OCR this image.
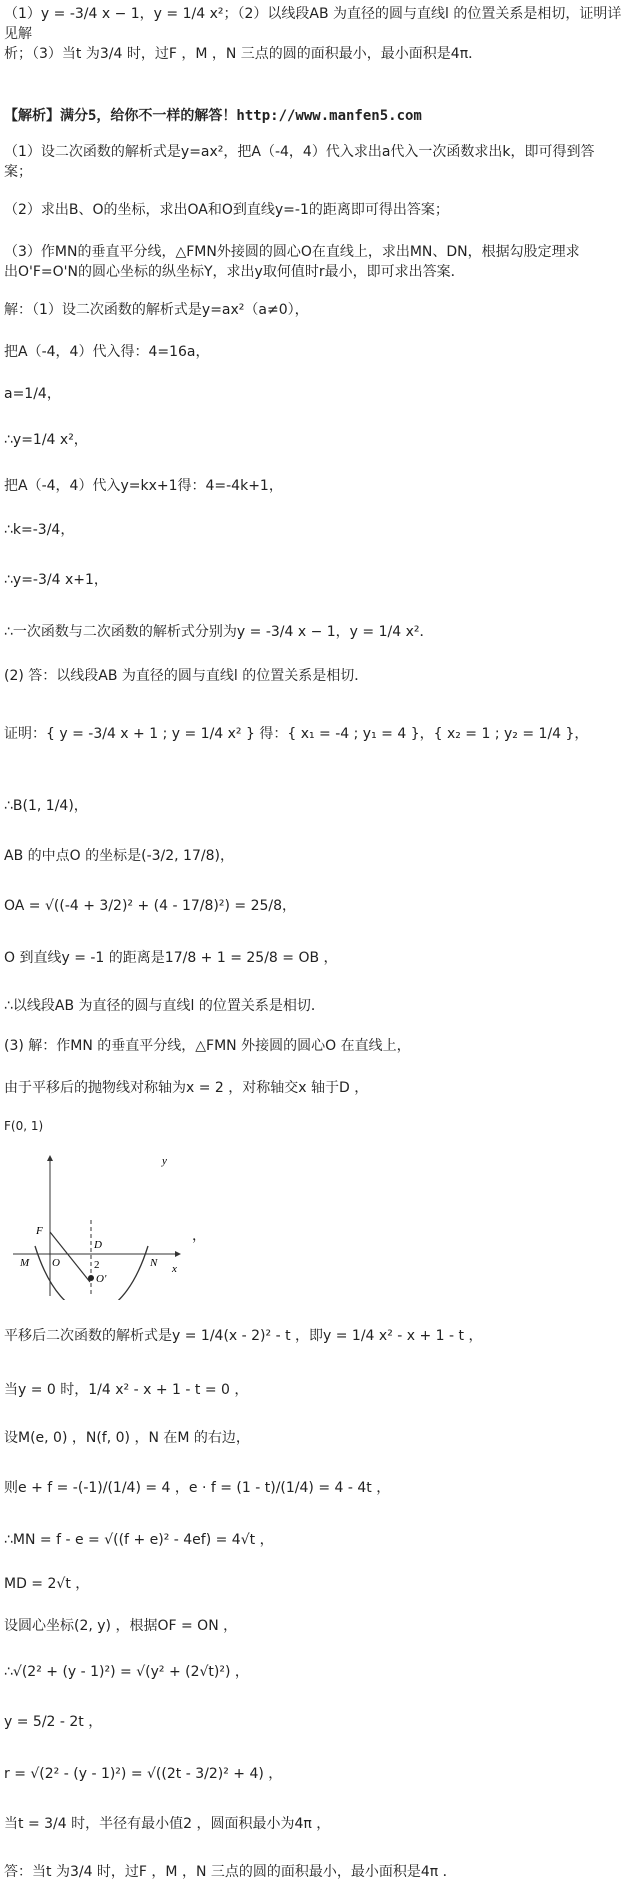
（1）y = -3/4 x − 1，y = 1/4 x²；（2）以线段AB 为直径的圆与直线l 的位置关系是相切，证明详见解
析；（3）当t 为3/4 时，过F ，M ，N 三点的圆的面积最小，最小面积是4π．
【解析】满分5，给你不一样的解答！http://www.manfen5.com
（1）设二次函数的解析式是y=ax²，把A（-4，4）代入求出a代入一次函数求出k，即可得到答
案；
（2）求出B、O的坐标，求出OA和O到直线y=-1的距离即可得出答案；
（3）作MN的垂直平分线，△FMN外接圆的圆心O在直线上，求出MN、DN，根据勾股定理求
出O'F=O'N的圆心坐标的纵坐标Y，求出y取何值时r最小，即可求出答案．
解：（1）设二次函数的解析式是y=ax²（a≠0），
把A（-4，4）代入得：4=16a，
a=1/4，
∴y=1/4 x²，
把A（-4，4）代入y=kx+1得：4=-4k+1，
∴k=-3/4，
∴y=-3/4 x+1，
∴一次函数与二次函数的解析式分别为y = -3/4 x − 1，y = 1/4 x²．
(2) 答：以线段AB 为直径的圆与直线l 的位置关系是相切．
证明：{ y = -3/4 x + 1 ; y = 1/4 x² } 得：{ x₁ = -4 ; y₁ = 4 }，{ x₂ = 1 ; y₂ = 1/4 }，
∴B(1, 1/4)，
AB 的中点O 的坐标是(-3/2, 17/8)，
OA = √((-4 + 3/2)² + (4 - 17/8)²) = 25/8，
O 到直线y = -1 的距离是17/8 + 1 = 25/8 = OB ，
∴以线段AB 为直径的圆与直线l 的位置关系是相切．
(3) 解：作MN 的垂直平分线，△FMN 外接圆的圆心O 在直线上，
由于平移后的抛物线对称轴为x = 2 ，对称轴交x 轴于D ，
F(0, 1)
y
x
F
M O
D
2	N
O'
，
平移后二次函数的解析式是y = 1/4(x - 2)² - t ，即y = 1/4 x² - x + 1 - t ，
当y = 0 时，1/4 x² - x + 1 - t = 0 ，
设M(e, 0) ，N(f, 0) ，N 在M 的右边，
则e + f = -(-1)/(1/4) = 4 ，e · f = (1 - t)/(1/4) = 4 - 4t ，
∴MN = f - e = √((f + e)² - 4ef) = 4√t ，
MD = 2√t ，
设圆心坐标(2, y) ，根据OF = ON ，
∴√(2² + (y - 1)²) = √(y² + (2√t)²) ，
y = 5/2 - 2t ，
r = √(2² - (y - 1)²) = √((2t - 3/2)² + 4) ，
当t = 3/4 时，半径有最小值2 ，圆面积最小为4π ，
答：当t 为3/4 时，过F ，M ，N 三点的圆的面积最小，最小面积是4π ．
